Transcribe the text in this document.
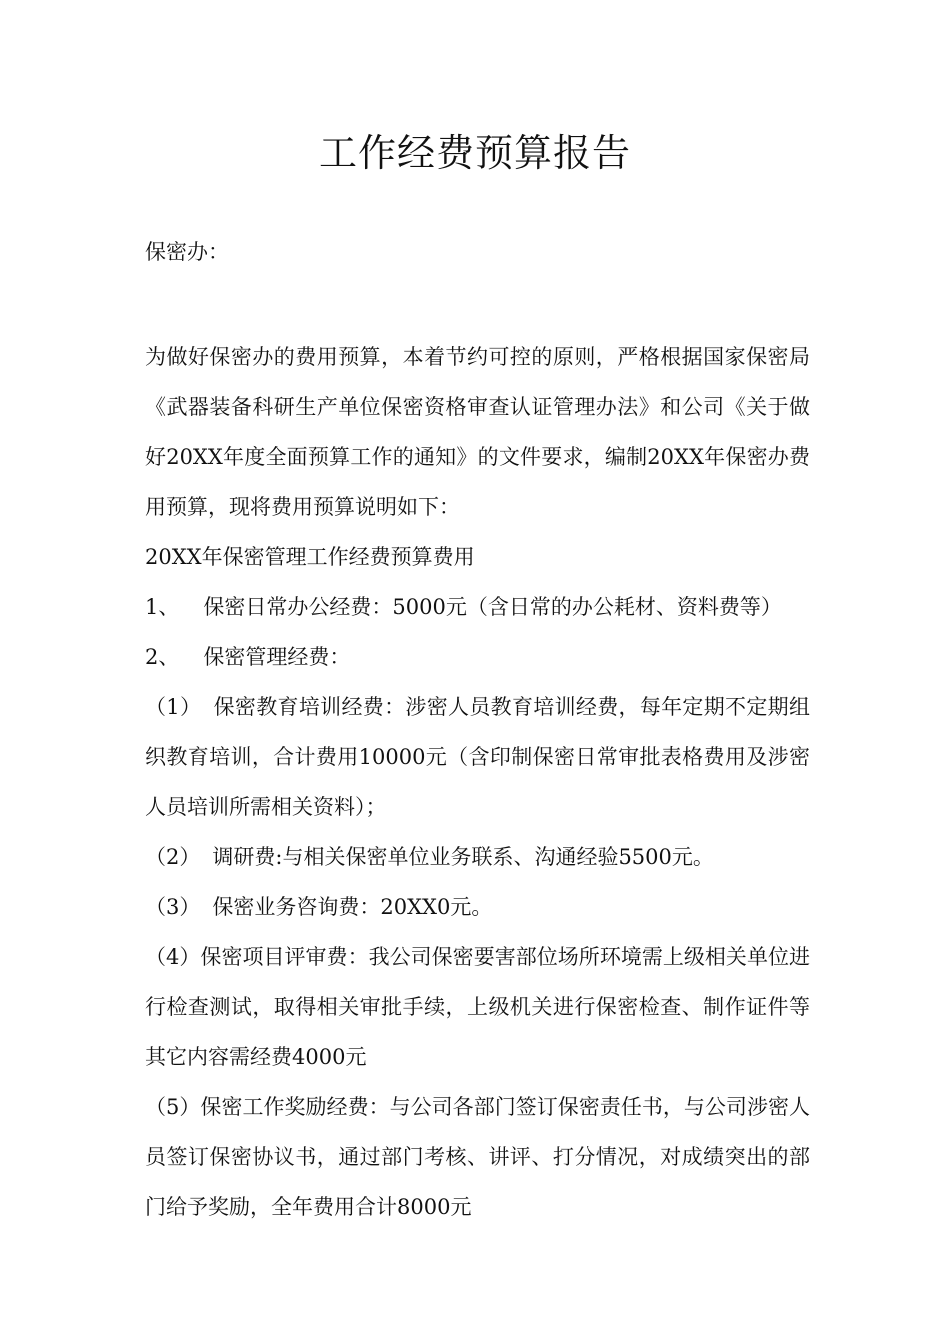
工作经费预算报告

保密办：

为做好保密办的费用预算，本着节约可控的原则，严格根据国家保密局《武器装备科研生产单位保密资格审查认证管理办法》和公司《关于做好20XX年度全面预算工作的通知》的文件要求，编制20XX年保密办费用预算，现将费用预算说明如下：

20XX年保密管理工作经费预算费用

1、 保密日常办公经费：5000元（含日常的办公耗材、资料费等）

2、 保密管理经费：

（1） 保密教育培训经费：涉密人员教育培训经费，每年定期不定期组织教育培训，合计费用10000元（含印制保密日常审批表格费用及涉密人员培训所需相关资料）；

（2） 调研费:与相关保密单位业务联系、沟通经验5500元。

（3） 保密业务咨询费：20XX0元。

（4）保密项目评审费：我公司保密要害部位场所环境需上级相关单位进行检查测试，取得相关审批手续，上级机关进行保密检查、制作证件等其它内容需经费4000元

（5）保密工作奖励经费：与公司各部门签订保密责任书，与公司涉密人员签订保密协议书，通过部门考核、讲评、打分情况，对成绩突出的部门给予奖励，全年费用合计8000元
